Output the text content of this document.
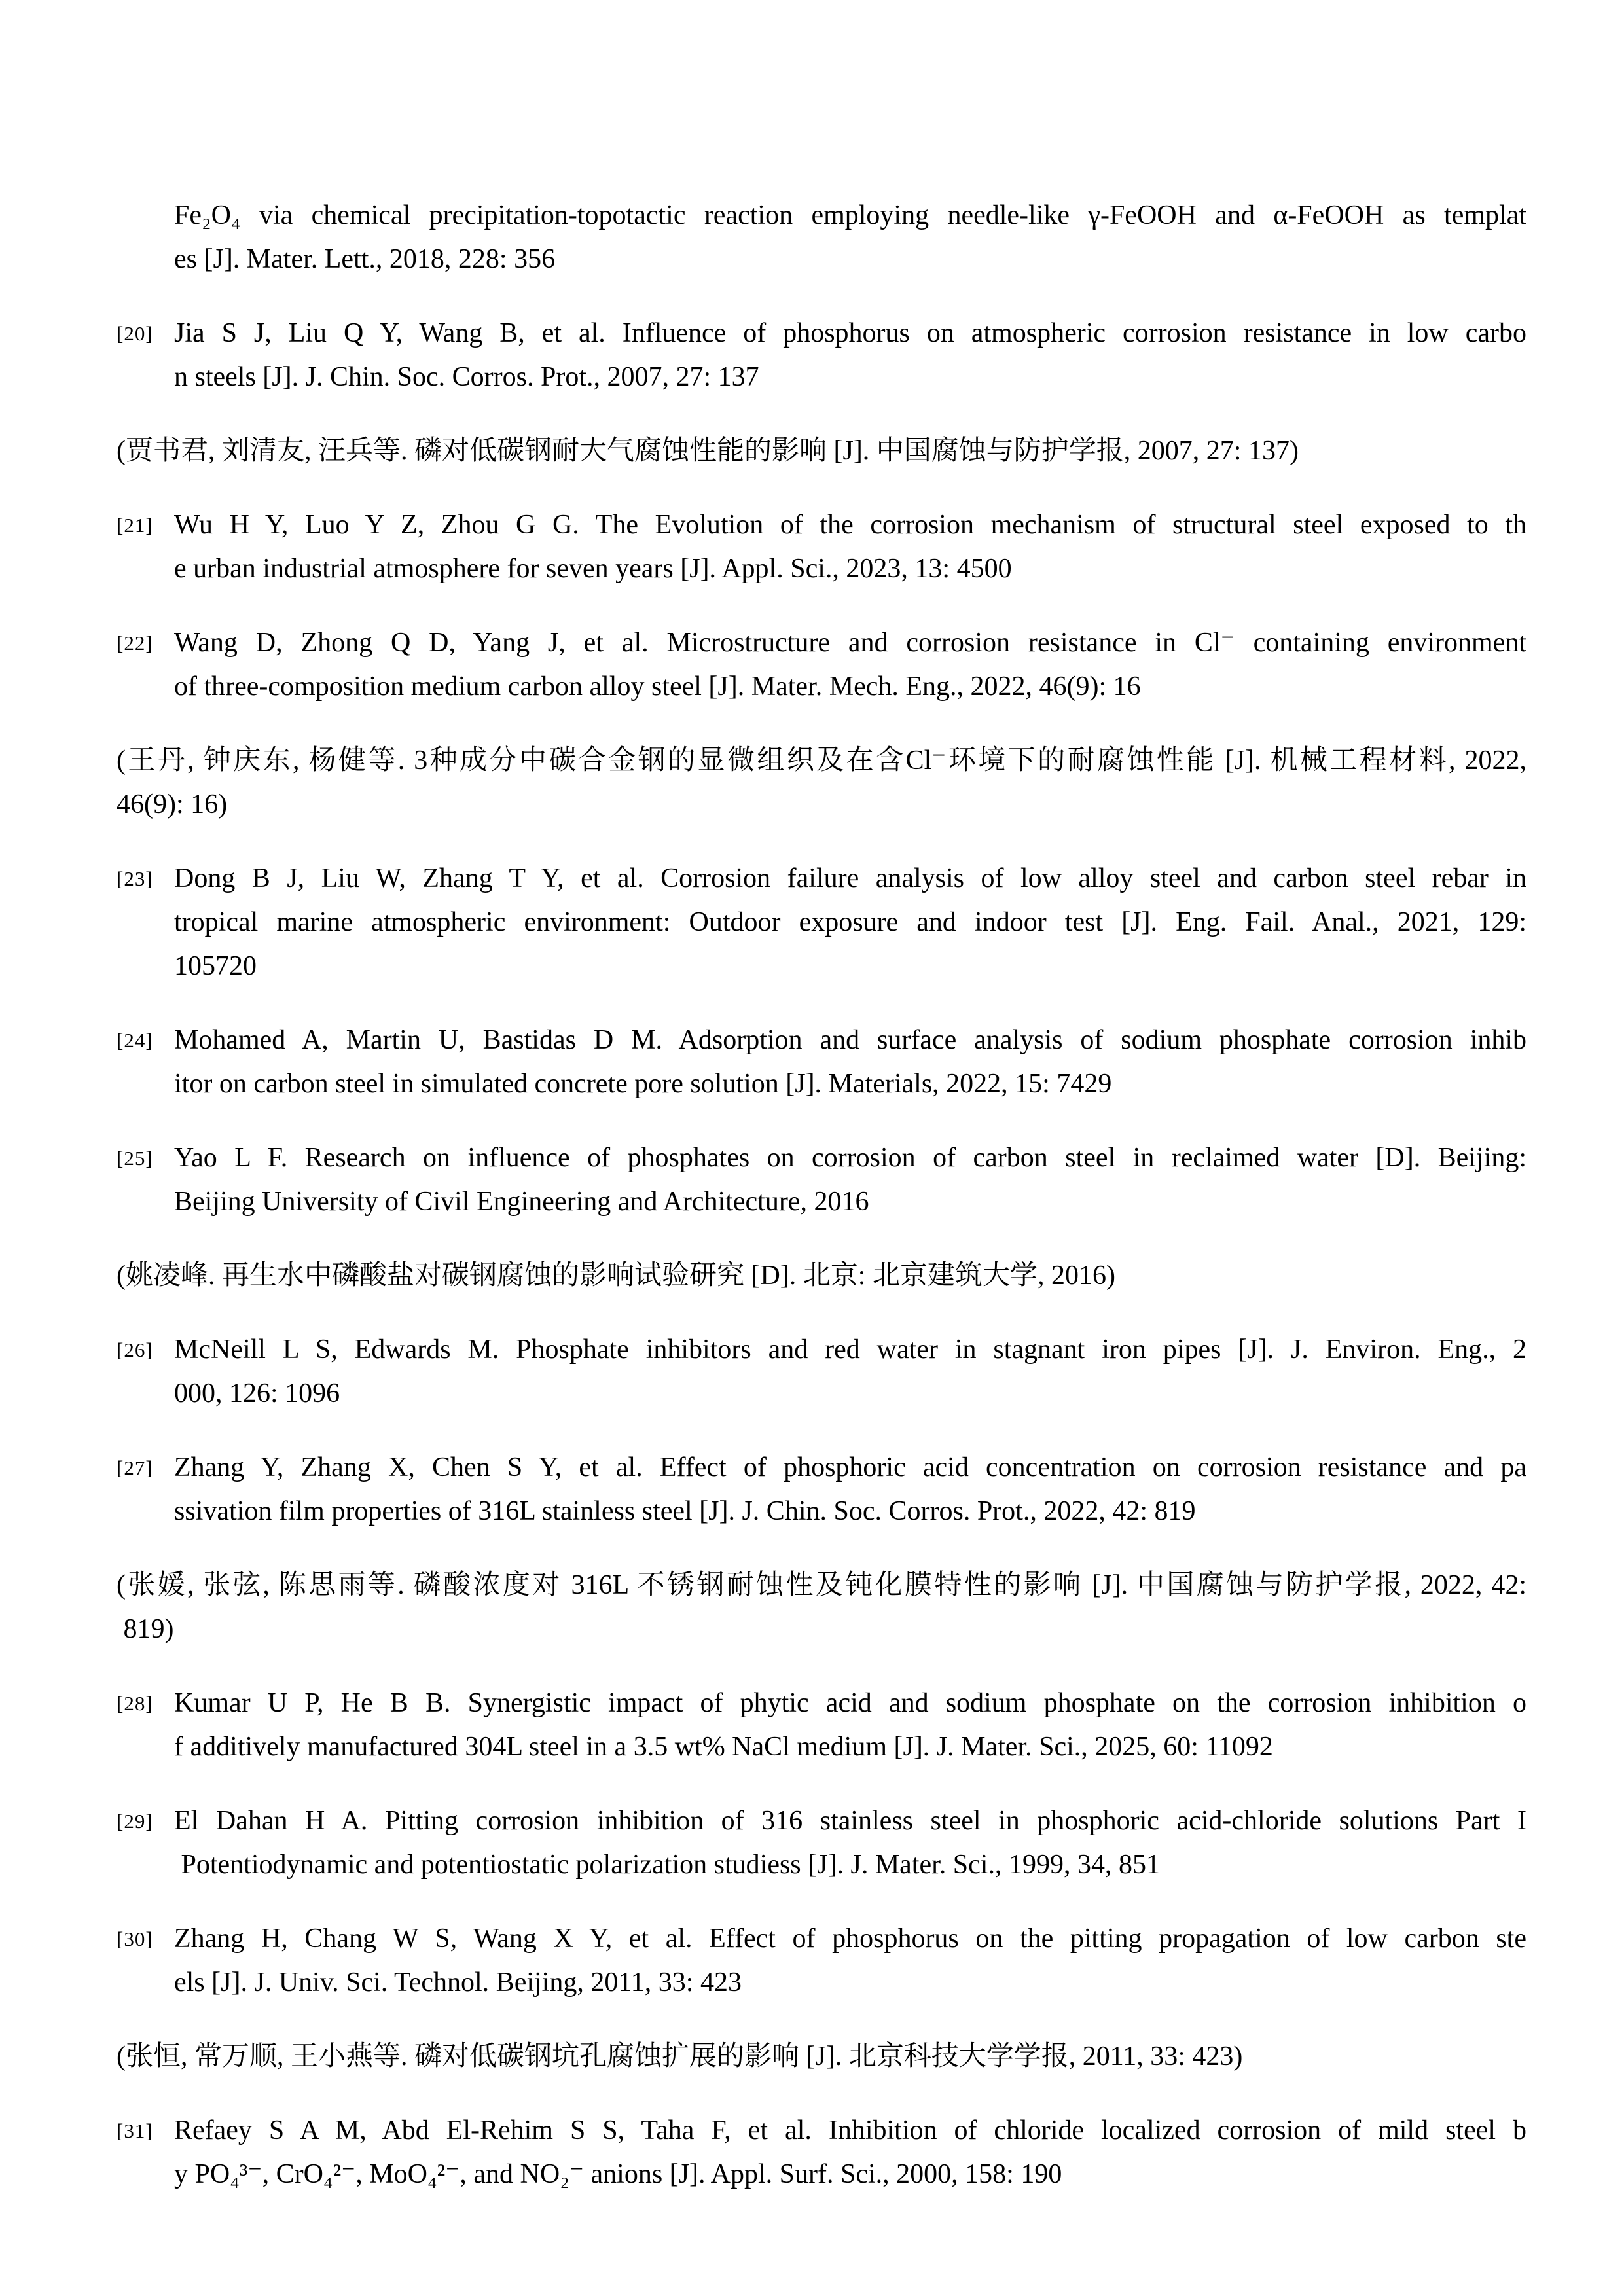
Fe₂O₄ via chemical precipitation-topotactic reaction employing needle-like γ-FeOOH and α-FeOOH as templat
es [J]. Mater. Lett., 2018, 228: 356
[20] Jia S J, Liu Q Y, Wang B, et al. Influence of phosphorus on atmospheric corrosion resistance in low carbo
n steels [J]. J. Chin. Soc. Corros. Prot., 2007, 27: 137
(贾书君, 刘清友, 汪兵等. 磷对低碳钢耐大气腐蚀性能的影响 [J]. 中国腐蚀与防护学报, 2007, 27: 137)
[21] Wu H Y, Luo Y Z, Zhou G G. The Evolution of the corrosion mechanism of structural steel exposed to th
e urban industrial atmosphere for seven years [J]. Appl. Sci., 2023, 13: 4500
[22] Wang D, Zhong Q D, Yang J, et al. Microstructure and corrosion resistance in Cl⁻ containing environment
of three-composition medium carbon alloy steel [J]. Mater. Mech. Eng., 2022, 46(9): 16
(王丹, 钟庆东, 杨健等. 3种成分中碳合金钢的显微组织及在含Cl⁻环境下的耐腐蚀性能 [J]. 机械工程材料, 2022,
46(9): 16)
[23] Dong B J, Liu W, Zhang T Y, et al. Corrosion failure analysis of low alloy steel and carbon steel rebar in
tropical marine atmospheric environment: Outdoor exposure and indoor test [J]. Eng. Fail. Anal., 2021, 129:
105720
[24] Mohamed A, Martin U, Bastidas D M. Adsorption and surface analysis of sodium phosphate corrosion inhib
itor on carbon steel in simulated concrete pore solution [J]. Materials, 2022, 15: 7429
[25] Yao L F. Research on influence of phosphates on corrosion of carbon steel in reclaimed water [D]. Beijing:
Beijing University of Civil Engineering and Architecture, 2016
(姚凌峰. 再生水中磷酸盐对碳钢腐蚀的影响试验研究 [D]. 北京: 北京建筑大学, 2016)
[26] McNeill L S, Edwards M. Phosphate inhibitors and red water in stagnant iron pipes [J]. J. Environ. Eng., 2
000, 126: 1096
[27] Zhang Y, Zhang X, Chen S Y, et al. Effect of phosphoric acid concentration on corrosion resistance and pa
ssivation film properties of 316L stainless steel [J]. J. Chin. Soc. Corros. Prot., 2022, 42: 819
(张媛, 张弦, 陈思雨等. 磷酸浓度对 316L 不锈钢耐蚀性及钝化膜特性的影响 [J]. 中国腐蚀与防护学报, 2022, 42:
819)
[28] Kumar U P, He B B. Synergistic impact of phytic acid and sodium phosphate on the corrosion inhibition o
f additively manufactured 304L steel in a 3.5 wt% NaCl medium [J]. J. Mater. Sci., 2025, 60: 11092
[29] El Dahan H A. Pitting corrosion inhibition of 316 stainless steel in phosphoric acid-chloride solutions Part I
Potentiodynamic and potentiostatic polarization studiess [J]. J. Mater. Sci., 1999, 34, 851
[30] Zhang H, Chang W S, Wang X Y, et al. Effect of phosphorus on the pitting propagation of low carbon ste
els [J]. J. Univ. Sci. Technol. Beijing, 2011, 33: 423
(张恒, 常万顺, 王小燕等. 磷对低碳钢坑孔腐蚀扩展的影响 [J]. 北京科技大学学报, 2011, 33: 423)
[31] Refaey S A M, Abd El-Rehim S S, Taha F, et al. Inhibition of chloride localized corrosion of mild steel b
y PO₄³⁻, CrO₄²⁻, MoO₄²⁻, and NO₂⁻ anions [J]. Appl. Surf. Sci., 2000, 158: 190
